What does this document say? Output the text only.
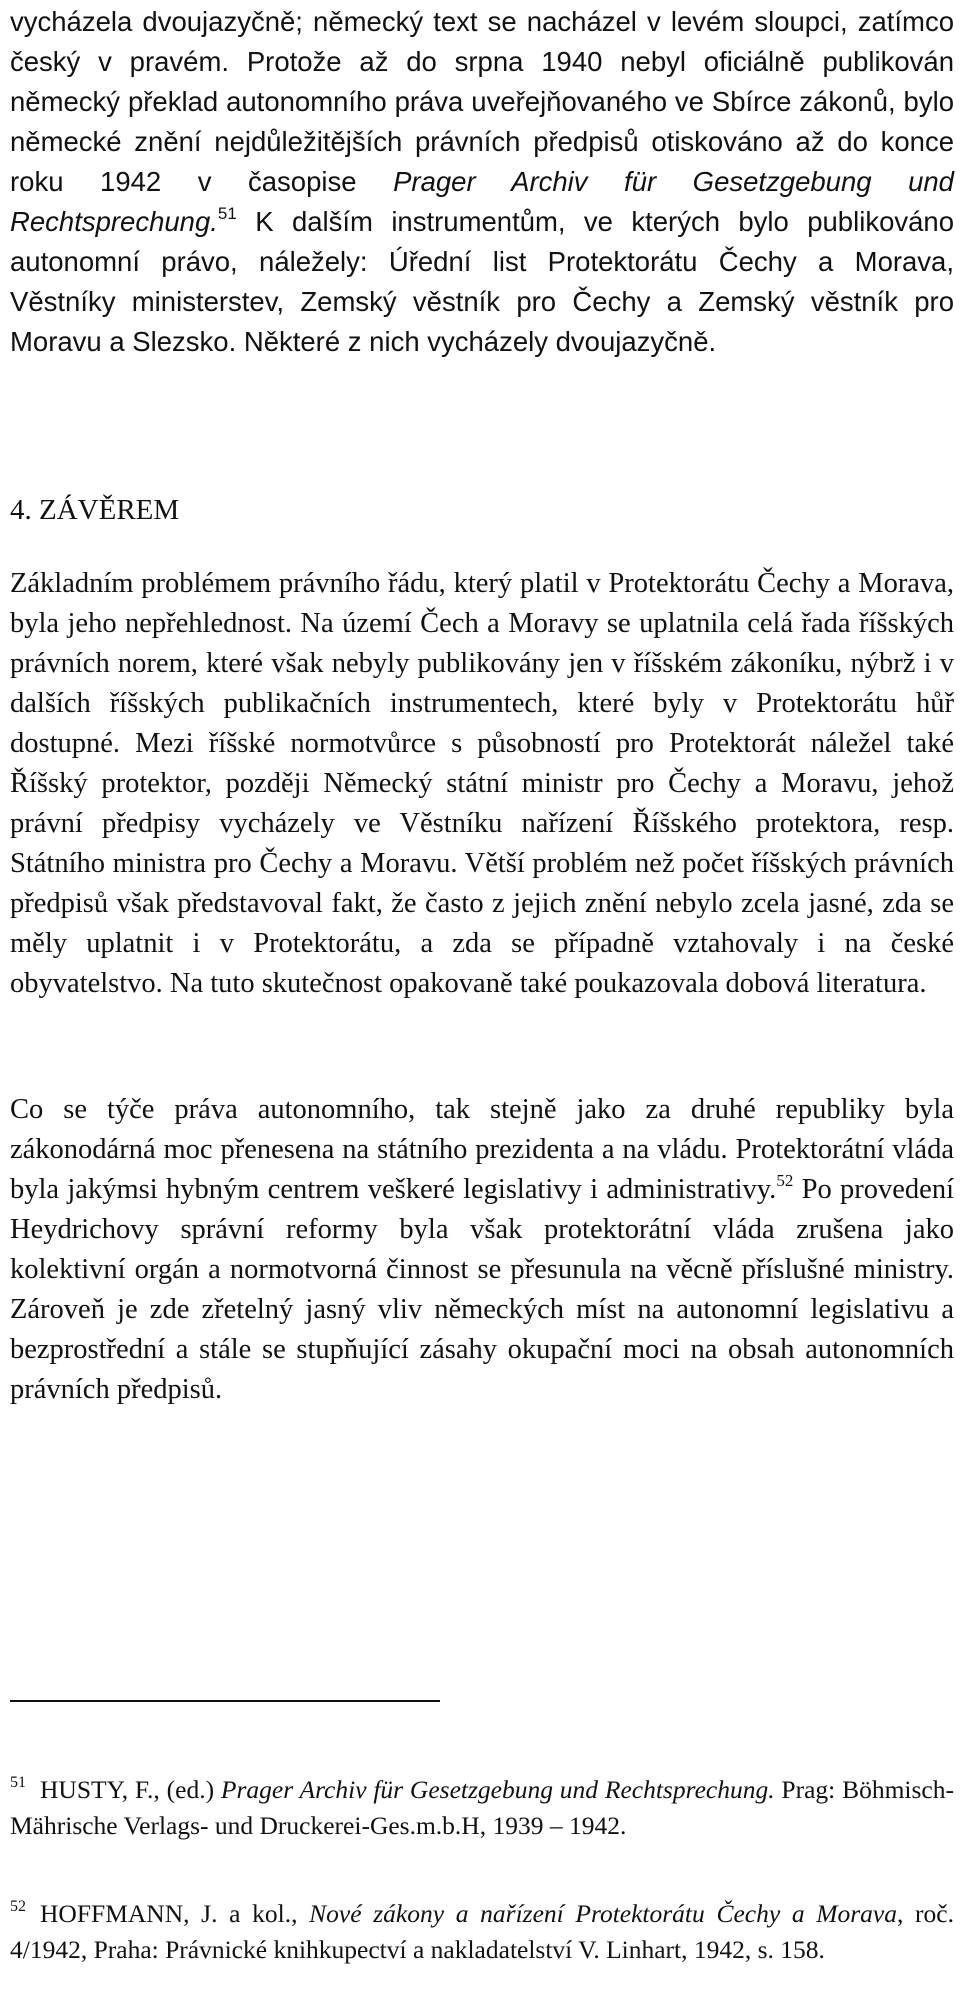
vycházela dvoujazyčně; německý text se nacházel v levém sloupci, zatímco český v pravém. Protože až do srpna 1940 nebyl oficiálně publikován německý překlad autonomního práva uveřejňovaného ve Sbírce zákonů, bylo německé znění nejdůležitějších právních předpisů otiskováno až do konce roku 1942 v časopise Prager Archiv für Gesetzgebung und Rechtsprechung.$^{51}$ K dalším instrumentům, ve kterých bylo publikováno autonomní právo, náležely: Úřední list Protektorátu Čechy a Morava, Věstníky ministerstev, Zemský věstník pro Čechy a Zemský věstník pro Moravu a Slezsko. Některé z nich vycházely dvoujazyčně.

4. ZÁVĚREM

Základním problémem právního řádu, který platil v Protektorátu Čechy a Morava, byla jeho nepřehlednost. Na území Čech a Moravy se uplatnila celá řada říšských právních norem, které však nebyly publikovány jen v říšském zákoníku, nýbrž i v dalších říšských publikačních instrumentech, které byly v Protektorátu hůř dostupné. Mezi říšské normotvůrce s působností pro Protektorát náležel také Říšský protektor, později Německý státní ministr pro Čechy a Moravu, jehož právní předpisy vycházely ve Věstníku nařízení Říšského protektora, resp. Státního ministra pro Čechy a Moravu. Větší problém než počet říšských právních předpisů však představoval fakt, že často z jejich znění nebylo zcela jasné, zda se měly uplatnit i v Protektorátu, a zda se případně vztahovaly i na české obyvatelstvo. Na tuto skutečnost opakovaně také poukazovala dobová literatura.

Co se týče práva autonomního, tak stejně jako za druhé republiky byla zákonodárná moc přenesena na státního prezidenta a na vládu. Protektorátní vláda byla jakýmsi hybným centrem veškeré legislativy i administrativy.$^{52}$ Po provedení Heydrichovy správní reformy byla však protektorátní vláda zrušena jako kolektivní orgán a normotvorná činnost se přesunula na věcně příslušné ministry. Zároveň je zde zřetelný jasný vliv německých míst na autonomní legislativu a bezprostřední a stále se stupňující zásahy okupační moci na obsah autonomních právních předpisů.

$^{51}$ HUSTY, F., (ed.) Prager Archiv für Gesetzgebung und Rechtsprechung. Prag: Böhmisch-Mährische Verlags- und Druckerei-Ges.m.b.H, 1939 – 1942.

$^{52}$ HOFFMANN, J. a kol., Nové zákony a nařízení Protektorátu Čechy a Morava, roč. 4/1942, Praha: Právnické knihkupectví a nakladatelství V. Linhart, 1942, s. 158.
